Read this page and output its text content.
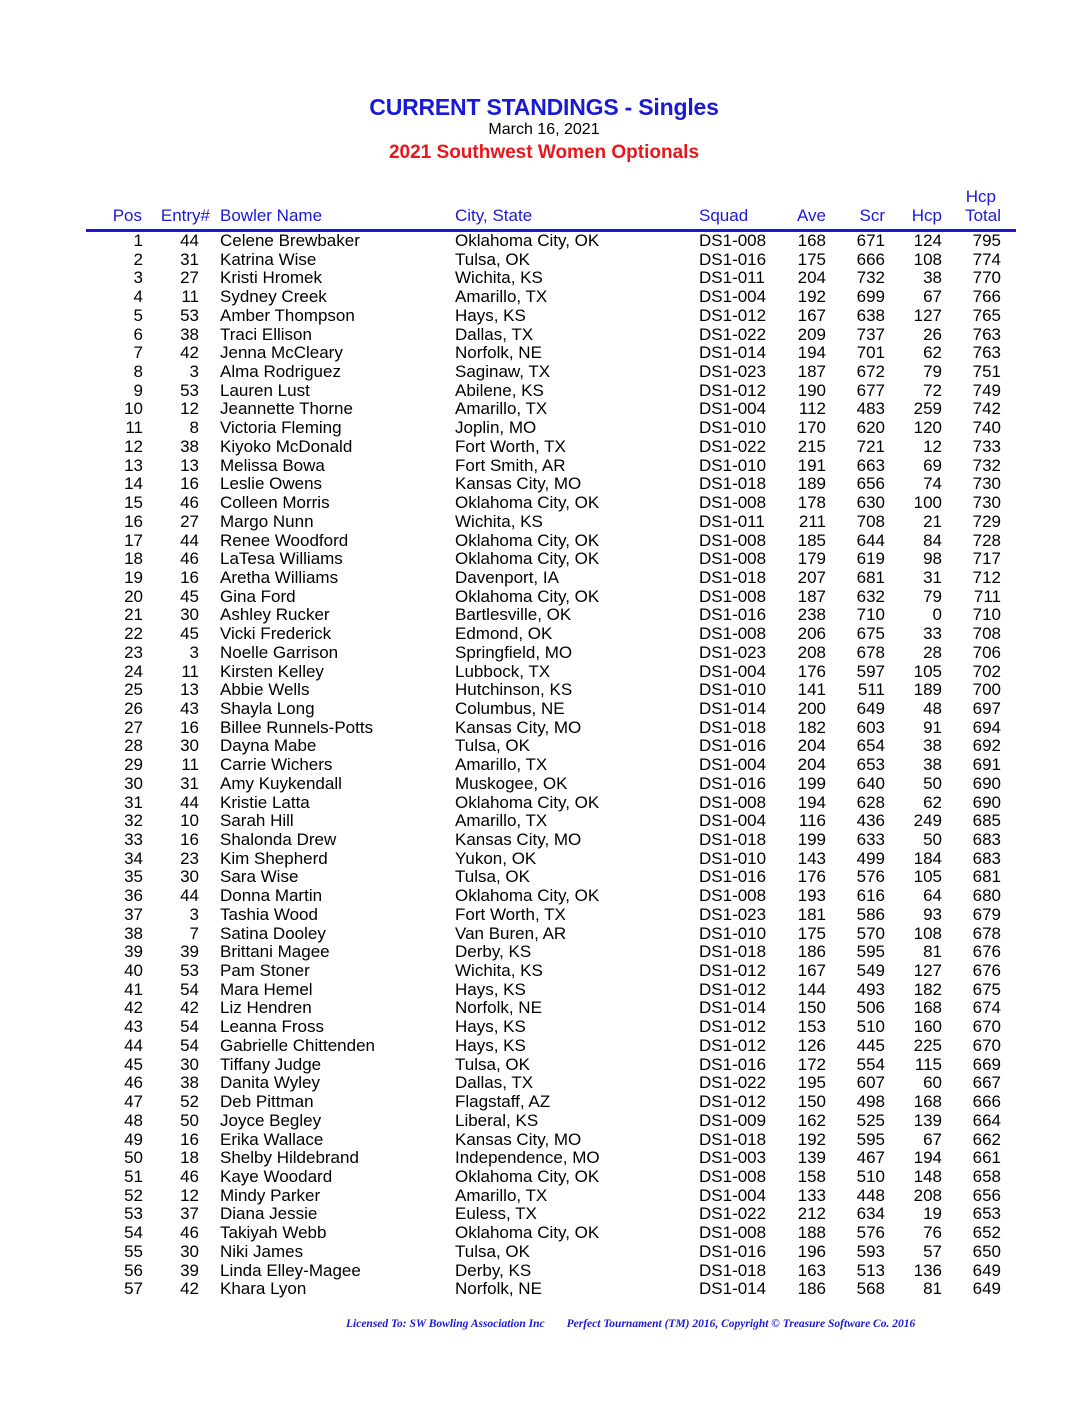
CURRENT STANDINGS - Singles
March 16, 2021
2021 Southwest Women Optionals
Pos Entry# Bowler Name	City, State	Squad	Ave Scr Hcp
Hcp
Total
1 44 Celene Brewbaker	Oklahoma City, OK	DS1-008 168 671 124 795
2 31 Katrina Wise	Tulsa, OK	DS1-016 175 666 108 774
3 27 Kristi Hromek	Wichita, KS	DS1-011 204 732 38 770
4 11 Sydney Creek	Amarillo, TX	DS1-004 192 699 67 766
5 53 Amber Thompson	Hays, KS	DS1-012 167 638 127 765
6 38 Traci Ellison	Dallas, TX	DS1-022 209 737 26 763
7 42 Jenna McCleary	Norfolk, NE	DS1-014 194 701 62 763
8	3 Alma Rodriguez	Saginaw, TX	DS1-023 187 672 79 751
9 53 Lauren Lust	Abilene, KS	DS1-012 190 677 72 749
10 12 Jeannette Thorne	Amarillo, TX	DS1-004 112 483 259 742
11	8 Victoria Fleming	Joplin, MO	DS1-010 170 620 120 740
12 38 Kiyoko McDonald	Fort Worth, TX	DS1-022 215 721 12 733
13 13 Melissa Bowa	Fort Smith, AR	DS1-010 191 663 69 732
14 16 Leslie Owens	Kansas City, MO	DS1-018 189 656 74 730
15 46 Colleen Morris	Oklahoma City, OK	DS1-008 178 630 100 730
16 27 Margo Nunn	Wichita, KS	DS1-011 211 708 21 729
17 44 Renee Woodford	Oklahoma City, OK	DS1-008 185 644 84 728
18 46 LaTesa Williams	Oklahoma City, OK	DS1-008 179 619 98 717
19 16 Aretha Williams	Davenport, IA	DS1-018 207 681 31 712
20 45 Gina Ford	Oklahoma City, OK	DS1-008 187 632 79 711
21 30 Ashley Rucker	Bartlesville, OK	DS1-016 238 710	0 710
22 45 Vicki Frederick	Edmond, OK	DS1-008 206 675 33 708
23	3 Noelle Garrison	Springfield, MO	DS1-023 208 678 28 706
24 11 Kirsten Kelley	Lubbock, TX	DS1-004 176 597 105 702
25 13 Abbie Wells	Hutchinson, KS	DS1-010 141 511 189 700
26 43 Shayla Long	Columbus, NE	DS1-014 200 649 48 697
27 16 Billee Runnels-Potts	Kansas City, MO	DS1-018 182 603 91 694
28 30 Dayna Mabe	Tulsa, OK	DS1-016 204 654 38 692
29 11 Carrie Wichers	Amarillo, TX	DS1-004 204 653 38 691
30 31 Amy Kuykendall	Muskogee, OK	DS1-016 199 640 50 690
31 44 Kristie Latta	Oklahoma City, OK	DS1-008 194 628 62 690
32 10 Sarah Hill	Amarillo, TX	DS1-004 116 436 249 685
33 16 Shalonda Drew	Kansas City, MO	DS1-018 199 633 50 683
34 23 Kim Shepherd	Yukon, OK	DS1-010 143 499 184 683
35 30 Sara Wise	Tulsa, OK	DS1-016 176 576 105 681
36 44 Donna Martin	Oklahoma City, OK	DS1-008 193 616 64 680
37	3 Tashia Wood	Fort Worth, TX	DS1-023 181 586 93 679
38	7 Satina Dooley	Van Buren, AR	DS1-010 175 570 108 678
39 39 Brittani Magee	Derby, KS	DS1-018 186 595 81 676
40 53 Pam Stoner	Wichita, KS	DS1-012 167 549 127 676
41 54 Mara Hemel	Hays, KS	DS1-012 144 493 182 675
42 42 Liz Hendren	Norfolk, NE	DS1-014 150 506 168 674
43 54 Leanna Fross	Hays, KS	DS1-012 153 510 160 670
44 54 Gabrielle Chittenden	Hays, KS	DS1-012 126 445 225 670
45 30 Tiffany Judge	Tulsa, OK	DS1-016 172 554 115 669
46 38 Danita Wyley	Dallas, TX	DS1-022 195 607 60 667
47 52 Deb Pittman	Flagstaff, AZ	DS1-012 150 498 168 666
48 50 Joyce Begley	Liberal, KS	DS1-009 162 525 139 664
49 16 Erika Wallace	Kansas City, MO	DS1-018 192 595 67 662
50 18 Shelby Hildebrand	Independence, MO	DS1-003 139 467 194 661
51 46 Kaye Woodard	Oklahoma City, OK	DS1-008 158 510 148 658
52 12 Mindy Parker	Amarillo, TX	DS1-004 133 448 208 656
53 37 Diana Jessie	Euless, TX	DS1-022 212 634 19 653
54 46 Takiyah Webb	Oklahoma City, OK	DS1-008 188 576 76 652
55 30 Niki James	Tulsa, OK	DS1-016 196 593 57 650
56 39 Linda Elley-Magee	Derby, KS	DS1-018 163 513 136 649
57 42 Khara Lyon	Norfolk, NE	DS1-014 186 568 81 649
Licensed To: SW Bowling Association Inc Perfect Tournament (TM) 2016, Copyright © Treasure Software Co. 2016
